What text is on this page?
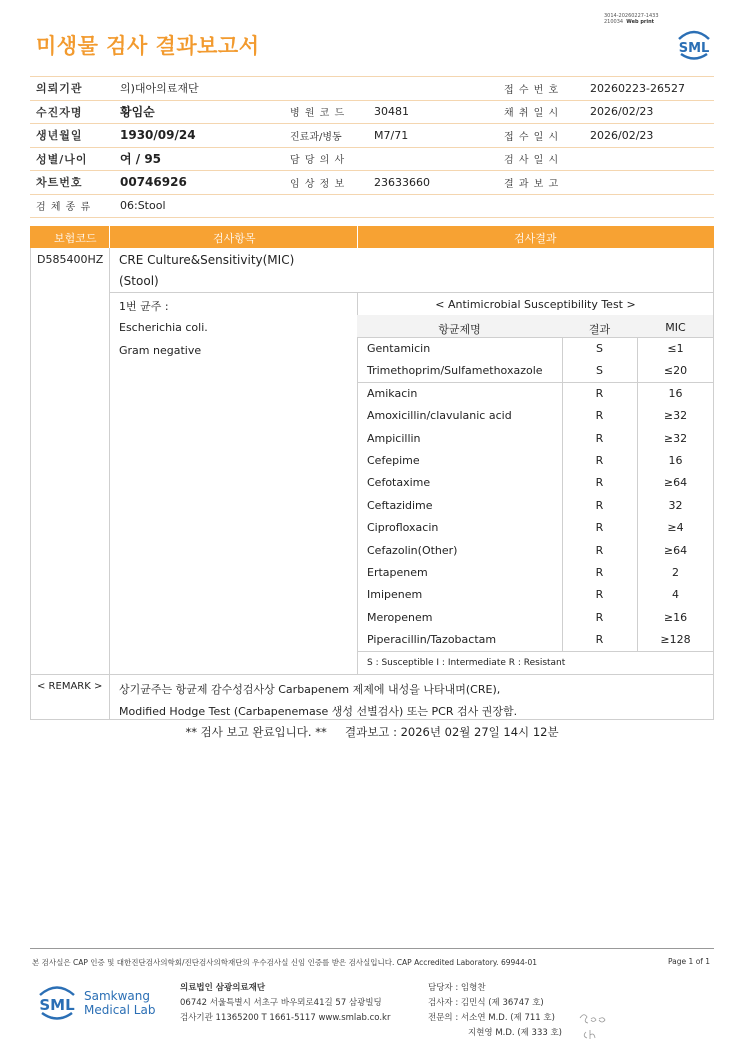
미생물 검사 결과보고서
3014-20260227-1433
210034 Web print
SML
의뢰기관	의)대아의료재단			접 수 번 호	20260223-26527
수진자명	황임순	병 원 코 드	30481	채 취 일 시	2026/02/23
생년월일	1930/09/24	진료과/병동	M7/71	접 수 일 시	2026/02/23
성별/나이	여 / 95	담 당 의 사		검 사 일 시	
차트번호	00746926	임 상 정 보	23633660	결 과 보 고	
검 체 종 류	06:Stool				
보험코드	검사항목	검사결과
D585400HZ CRE Culture&Sensitivity(MIC)
(Stool)
1번 균주 :
Escherichia coli.
Gram negative
< Antimicrobial Susceptibility Test >
항균제명	결과	MIC
Gentamicin	S	≤1
Trimethoprim/Sulfamethoxazole	S	≤20
Amikacin	R	16
Amoxicillin/clavulanic acid	R	≥32
Ampicillin	R	≥32
Cefepime	R	16
Cefotaxime	R	≥64
Ceftazidime	R	32
Ciprofloxacin	R	≥4
Cefazolin(Other)	R	≥64
Ertapenem	R	2
Imipenem	R	4
Meropenem	R	≥16
Piperacillin/Tazobactam	R	≥128
S : Susceptible I : Intermediate R : Resistant
< REMARK > 상기균주는 항균제 감수성검사상 Carbapenem 제제에 내성을 나타내며(CRE),
Modified Hodge Test (Carbapenemase 생성 선별검사) 또는 PCR 검사 권장함.
** 검사 보고 완료입니다. **     결과보고 : 2026년 02월 27일 14시 12분
본 검사실은 CAP 인증 및 대한진단검사의학회/진단검사의학재단의 우수검사실 신임 인증를 받은 검사실입니다. CAP Accredited Laboratory. 69944-01	Page 1 of 1
SML Samkwang
Medical Lab
의료법인 삼광의료재단
06742 서울특별시 서초구 바우뫼로41길 57 삼광빌딩
검사기관 11365200 T 1661-5117 www.smlab.co.kr
담당자 : 임형찬
검사자 : 김민식 (제 36747 호)
전문의 : 서소연 M.D. (제 711 호)
지현영 M.D. (제 333 호)
